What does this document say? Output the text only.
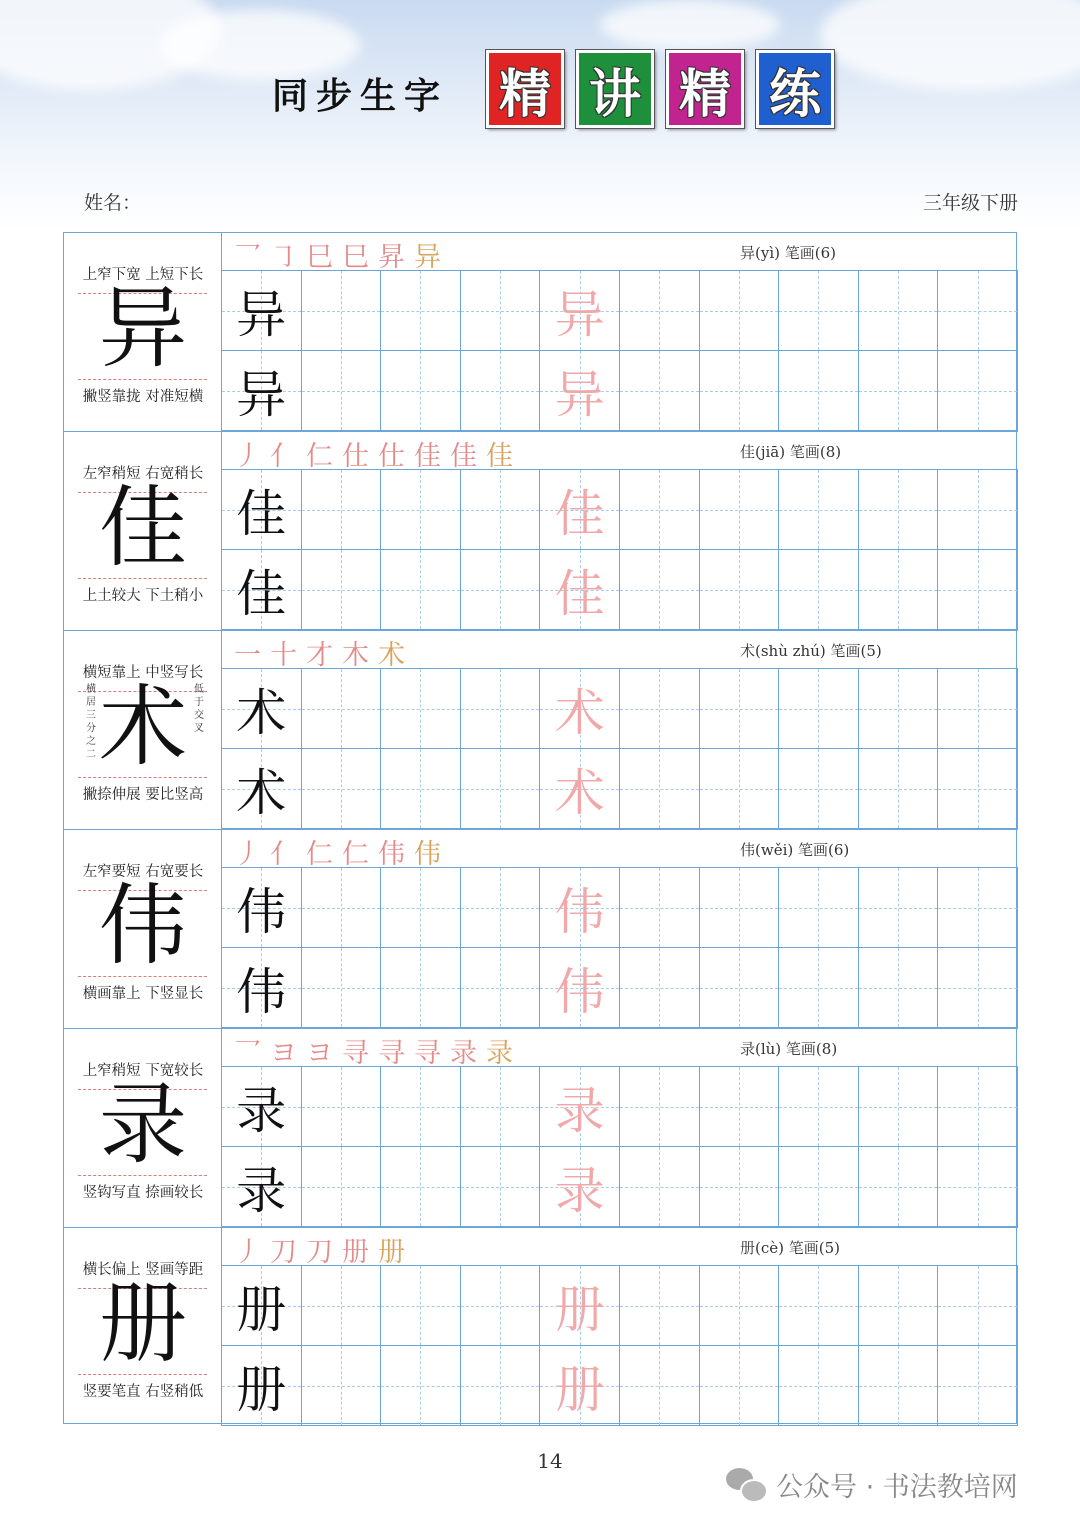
同步生字 精 讲 精 练
姓名：	三年级下册
上窄下宽 上短下长
异
撇竖靠拢 对准短横
乛㇆巳巳昇异	异(yì) 笔画(6)
异	异
异	异
左窄稍短 右宽稍长
佳
上土较大 下土稍小
丿亻仁仕仕佳佳佳	佳(jiā) 笔画(8)
佳	佳
佳	佳
横短靠上 中竖写长
术
撇捺伸展 要比竖高
横居三分之二
低于交叉
一十才木术	术(shù zhú) 笔画(5)
术	术
术	术
左窄要短 右宽要长
伟
横画靠上 下竖显长
丿亻仁仁伟伟	伟(wěi) 笔画(6)
伟	伟
伟	伟
上窄稍短 下宽较长
录
竖钩写直 捺画较长
乛ヨヨ寻寻寻录录	录(lù) 笔画(8)
录	录
录	录
横长偏上 竖画等距
册
竖要笔直 右竖稍低
丿刀刀册册	册(cè) 笔画(5)
册	册
册	册
14
公众号 · 书法教培网
